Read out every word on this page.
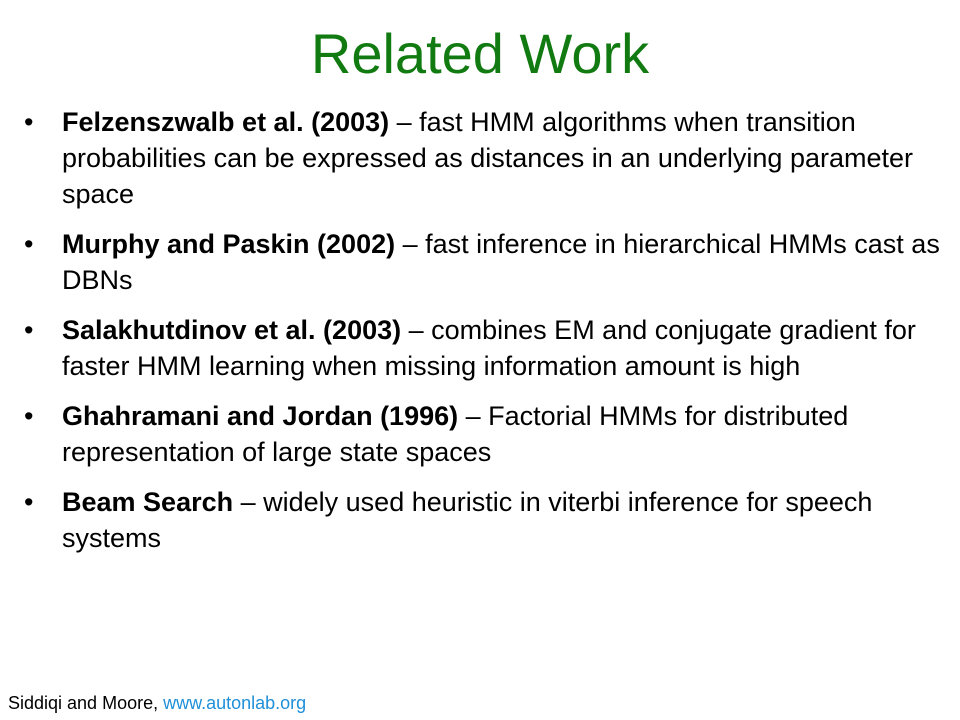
Related Work
• Felzenszwalb et al. (2003) – fast HMM algorithms when transition probabilities can be expressed as distances in an underlying parameter space
• Murphy and Paskin (2002) – fast inference in hierarchical HMMs cast as DBNs
• Salakhutdinov et al. (2003) – combines EM and conjugate gradient for faster HMM learning when missing information amount is high
• Ghahramani and Jordan (1996) – Factorial HMMs for distributed representation of large state spaces
• Beam Search – widely used heuristic in viterbi inference for speech systems
Siddiqi and Moore, www.autonlab.org
